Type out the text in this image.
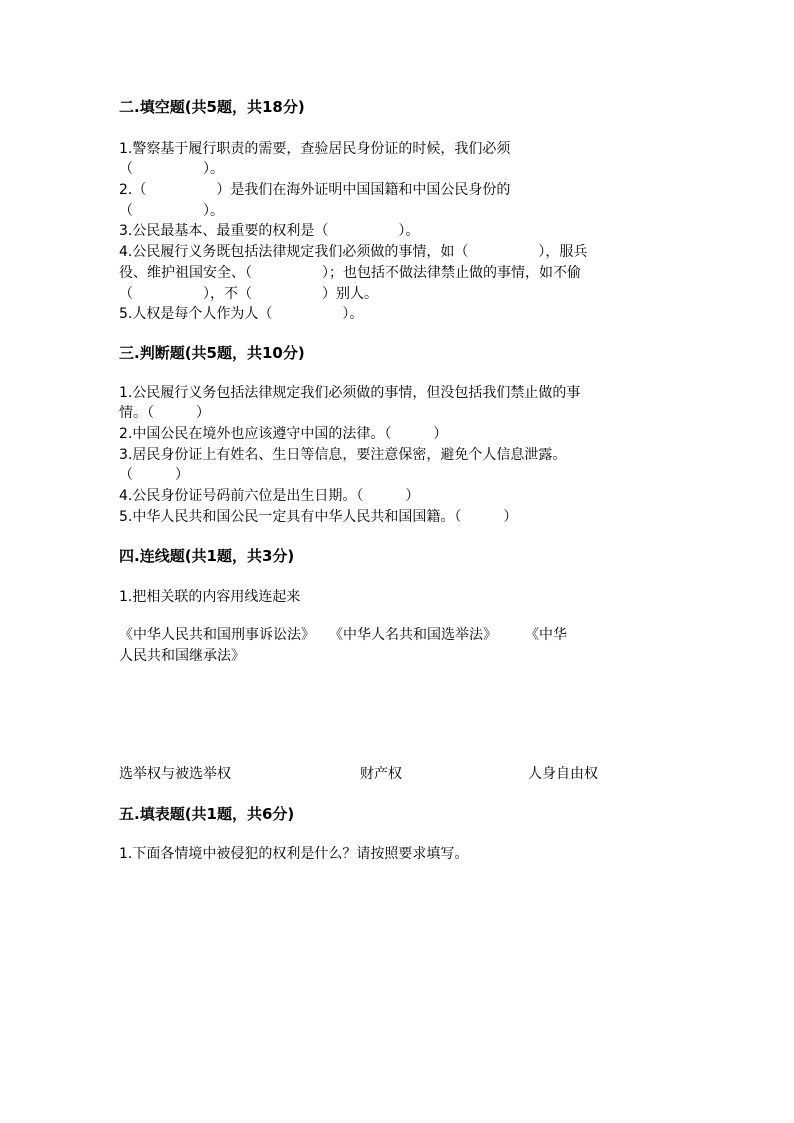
二.填空题(共5题，共18分)
1.警察基于履行职责的需要，查验居民身份证的时候，我们必须
（　　　　　）。
2.（　　　　　）是我们在海外证明中国国籍和中国公民身份的
（　　　　　）。
3.公民最基本、最重要的权利是（　　　　　）。
4.公民履行义务既包括法律规定我们必须做的事情，如（　　　　　），服兵
役、维护祖国安全、（　　　　　）；也包括不做法律禁止做的事情，如不偷
（　　　　　），不（　　　　　）别人。
5.人权是每个人作为人（　　　　　）。
三.判断题(共5题，共10分)
1.公民履行义务包括法律规定我们必须做的事情，但没包括我们禁止做的事
情。（　　　）
2.中国公民在境外也应该遵守中国的法律。（　　　）
3.居民身份证上有姓名、生日等信息，要注意保密，避免个人信息泄露。
（　　　）
4.公民身份证号码前六位是出生日期。（　　　）
5.中华人民共和国公民一定具有中华人民共和国国籍。（　　　）
四.连线题(共1题，共3分)
1.把相关联的内容用线连起来
《中华人民共和国刑事诉讼法》　　《中华人名共和国选举法》　　　《中华
人民共和国继承法》
选举权与被选举权	财产权	人身自由权
五.填表题(共1题，共6分)
1.下面各情境中被侵犯的权利是什么？请按照要求填写。
